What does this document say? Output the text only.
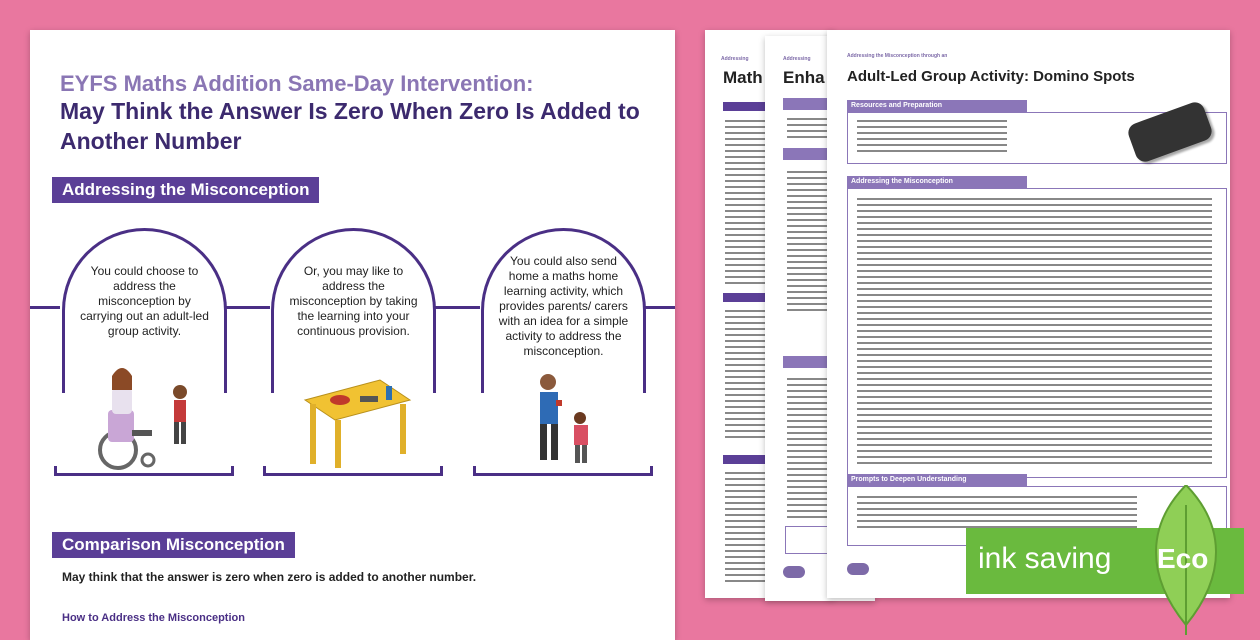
Addressing
Math
Addressing
Enha
Addressing the Misconception through an
Adult-Led Group Activity: Domino Spots
Resources and Preparation
Addressing the Misconception
Prompts to Deepen Understanding
EYFS Maths Addition Same-Day Intervention:
May Think the Answer Is Zero When Zero Is Added to Another Number
Addressing the Misconception
You could choose to address the misconception by carrying out an adult-led group activity.
Or, you may like to address the misconception by taking the learning into your continuous provision.
You could also send home a maths home learning activity, which provides parents/ carers with an idea for a simple activity to address the misconception.
Comparison Misconception
May think that the answer is zero when zero is added to another number.
How to Address the Misconception
ink saving Eco
